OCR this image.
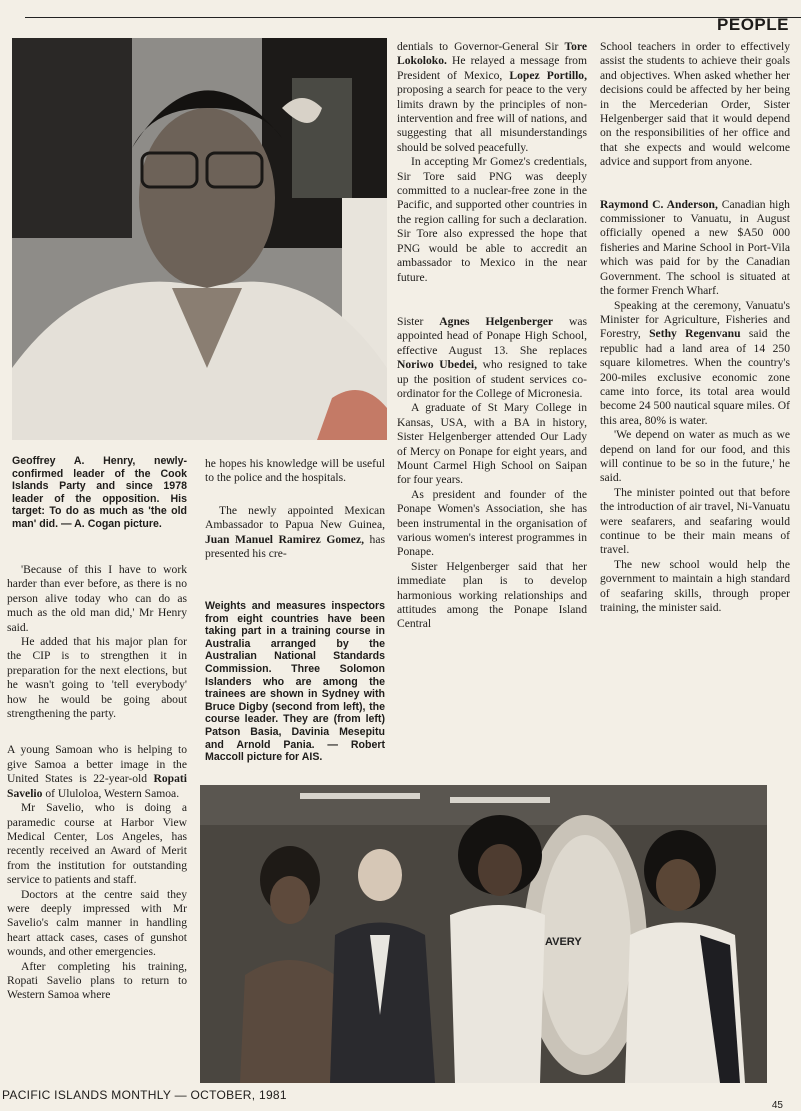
PEOPLE
Geoffrey A. Henry, newly-confirmed leader of the Cook Islands Party and since 1978 leader of the opposition. His target: To do as much as 'the old man' did. — A. Cogan picture.

'Because of this I have to work harder than ever before, as there is no person alive today who can do as much as the old man did,' Mr Henry said.

He added that his major plan for the CIP is to strengthen it in preparation for the next elections, but he wasn't going to 'tell everybody' how he would be going about strengthening the party.

A young Samoan who is helping to give Samoa a better image in the United States is 22-year-old Ropati Savelio of Ululoloa, Western Samoa.

Mr Savelio, who is doing a paramedic course at Harbor View Medical Center, Los Angeles, has recently received an Award of Merit from the institution for outstanding service to patients and staff.

Doctors at the centre said they were deeply impressed with Mr Savelio's calm manner in handling heart attack cases, cases of gunshot wounds, and other emergencies.

After completing his training, Ropati Savelio plans to return to Western Samoa where

he hopes his knowledge will be useful to the police and the hospitals.

The newly appointed Mexican Ambassador to Papua New Guinea, Juan Manuel Ramirez Gomez, has presented his cre-

Weights and measures inspectors from eight countries have been taking part in a training course in Australia arranged by the Australian National Standards Commission. Three Solomon Islanders who are among the trainees are shown in Sydney with Bruce Digby (second from left), the course leader. They are (from left) Patson Basia, Davinia Mesepitu and Arnold Pania. — Robert Maccoll picture for AIS.

dentials to Governor-General Sir Tore Lokoloko. He relayed a message from President of Mexico, Lopez Portillo, proposing a search for peace to the very limits drawn by the principles of non-intervention and free will of nations, and suggesting that all misunderstandings should be solved peacefully.

In accepting Mr Gomez's credentials, Sir Tore said PNG was deeply committed to a nuclear-free zone in the Pacific, and supported other countries in the region calling for such a declaration. Sir Tore also expressed the hope that PNG would be able to accredit an ambassador to Mexico in the near future.

Sister Agnes Helgenberger was appointed head of Ponape High School, effective August 13. She replaces Noriwo Ubedei, who resigned to take up the position of student services co-ordinator for the College of Micronesia.

A graduate of St Mary College in Kansas, USA, with a BA in history, Sister Helgenberger attended Our Lady of Mercy on Ponape for eight years, and Mount Carmel High School on Saipan for four years.

As president and founder of the Ponape Women's Association, she has been instrumental in the organisation of various women's interest programmes in Ponape.

Sister Helgenberger said that her immediate plan is to develop harmonious working relationships and attitudes among the Ponape Island Central

School teachers in order to effectively assist the students to achieve their goals and objectives. When asked whether her decisions could be affected by her being in the Mercederian Order, Sister Helgenberger said that it would depend on the responsibilities of her office and that she expects and would welcome advice and support from anyone.

Raymond C. Anderson, Canadian high commissioner to Vanuatu, in August officially opened a new $A50 000 fisheries and Marine School in Port-Vila which was paid for by the Canadian Government. The school is situated at the former French Wharf.

Speaking at the ceremony, Vanuatu's Minister for Agriculture, Fisheries and Forestry, Sethy Regenvanu said the republic had a land area of 14 250 square kilometres. When the country's 200-miles exclusive economic zone came into force, its total area would become 24 500 nautical square miles. Of this area, 80% is water.

'We depend on water as much as we depend on land for our food, and this will continue to be so in the future,' he said.

The minister pointed out that before the introduction of air travel, Ni-Vanuatu were seafarers, and seafaring would continue to be their main means of travel.

The new school would help the government to maintain a high standard of seafaring skills, through proper training, the minister said.

AVERY
PACIFIC ISLANDS MONTHLY — OCTOBER, 1981
45
